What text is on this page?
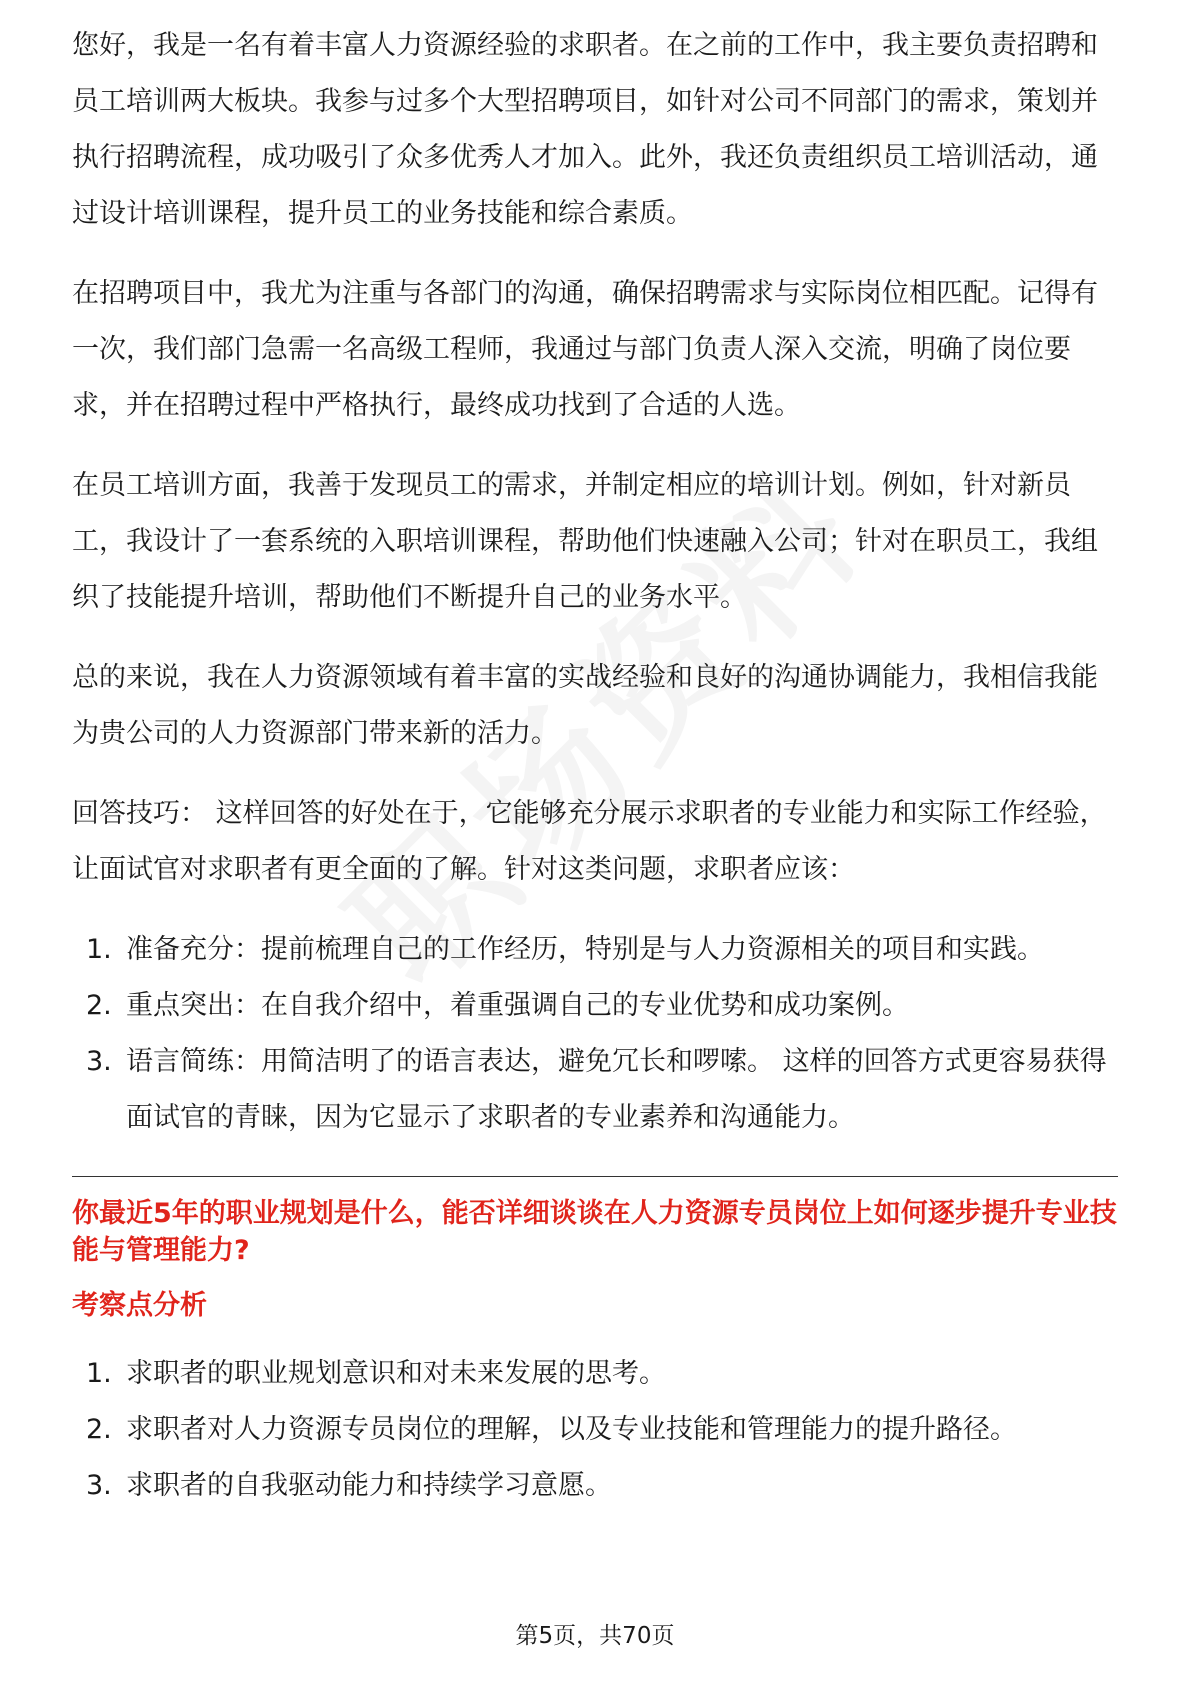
您好，我是一名有着丰富人力资源经验的求职者。在之前的工作中，我主要负责招聘和员工培训两大板块。我参与过多个大型招聘项目，如针对公司不同部门的需求，策划并执行招聘流程，成功吸引了众多优秀人才加入。此外，我还负责组织员工培训活动，通过设计培训课程，提升员工的业务技能和综合素质。

在招聘项目中，我尤为注重与各部门的沟通，确保招聘需求与实际岗位相匹配。记得有一次，我们部门急需一名高级工程师，我通过与部门负责人深入交流，明确了岗位要求，并在招聘过程中严格执行，最终成功找到了合适的人选。

在员工培训方面，我善于发现员工的需求，并制定相应的培训计划。例如，针对新员工，我设计了一套系统的入职培训课程，帮助他们快速融入公司；针对在职员工，我组织了技能提升培训，帮助他们不断提升自己的业务水平。

总的来说，我在人力资源领域有着丰富的实战经验和良好的沟通协调能力，我相信我能为贵公司的人力资源部门带来新的活力。

回答技巧： 这样回答的好处在于，它能够充分展示求职者的专业能力和实际工作经验，让面试官对求职者有更全面的了解。针对这类问题，求职者应该：

1. 准备充分：提前梳理自己的工作经历，特别是与人力资源相关的项目和实践。
2. 重点突出：在自我介绍中，着重强调自己的专业优势和成功案例。
3. 语言简练：用简洁明了的语言表达，避免冗长和啰嗦。 这样的回答方式更容易获得面试官的青睐，因为它显示了求职者的专业素养和沟通能力。

你最近5年的职业规划是什么，能否详细谈谈在人力资源专员岗位上如何逐步提升专业技能与管理能力?

考察点分析

1. 求职者的职业规划意识和对未来发展的思考。
2. 求职者对人力资源专员岗位的理解，以及专业技能和管理能力的提升路径。
3. 求职者的自我驱动能力和持续学习意愿。
第5页，共70页
